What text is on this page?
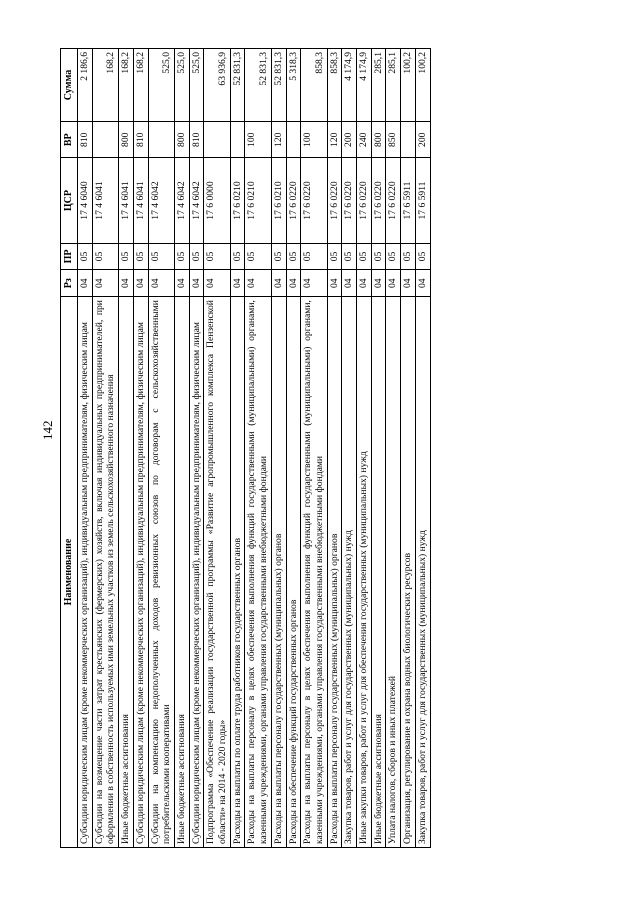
142
Наименование	Рз	ПР	ЦСР	ВР	Сумма
Субсидии юридическим лицам (кроме некоммерческих организаций), индивидуальным предпринимателям, физическим лицам	04	05	17 4 6040	810	2 186,6
Субсидии на возмещение части затрат крестьянских (фермерских) хозяйств, включая индивидуальных предпринимателей, при оформлении в собственность используемых ими земельных участков из земель сельскохозяйственного назначения	04	05	17 4 6041		168,2
Иные бюджетные ассигнования	04	05	17 4 6041	800	168,2
Субсидии юридическим лицам (кроме некоммерческих организаций), индивидуальным предпринимателям, физическим лицам	04	05	17 4 6041	810	168,2
Субсидии на компенсацию недополученных доходов ревизионных союзов по договорам с сельскохозяйственными потребительскими кооперативами	04	05	17 4 6042		525,0
Иные бюджетные ассигнования	04	05	17 4 6042	800	525,0
Субсидии юридическим лицам (кроме некоммерческих организаций), индивидуальным предпринимателям, физическим лицам	04	05	17 4 6042	810	525,0
Подпрограмма «Обеспечение реализации государственной программы «Развитие агропромышленного комплекса Пензенской области» на 2014 - 2020 годы»	04	05	17 6 0000		63 936,9
Расходы на выплаты по оплате труда работников государственных органов	04	05	17 6 0210		52 831,3
Расходы на выплаты персоналу в целях обеспечения выполнения функций государственными (муниципальными) органами, казенными учреждениями, органами управления государственными внебюджетными фондами	04	05	17 6 0210	100	52 831,3
Расходы на выплаты персоналу государственных (муниципальных) органов	04	05	17 6 0210	120	52 831,3
Расходы на обеспечение функций государственных органов	04	05	17 6 0220		5 318,3
Расходы на выплаты персоналу в целях обеспечения выполнения функций государственными (муниципальными) органами, казенными учреждениями, органами управления государственными внебюджетными фондами	04	05	17 6 0220	100	858,3
Расходы на выплаты персоналу государственных (муниципальных) органов	04	05	17 6 0220	120	858,3
Закупка товаров, работ и услуг для государственных (муниципальных) нужд	04	05	17 6 0220	200	4 174,9
Иные закупки товаров, работ и услуг для обеспечения государственных (муниципальных) нужд	04	05	17 6 0220	240	4 174,9
Иные бюджетные ассигнования	04	05	17 6 0220	800	285,1
Уплата налогов, сборов и иных платежей	04	05	17 6 0220	850	285,1
Организация, регулирование и охрана водных биологических ресурсов	04	05	17 6 5911		100,2
Закупка товаров, работ и услуг для государственных (муниципальных) нужд	04	05	17 6 5911	200	100,2
